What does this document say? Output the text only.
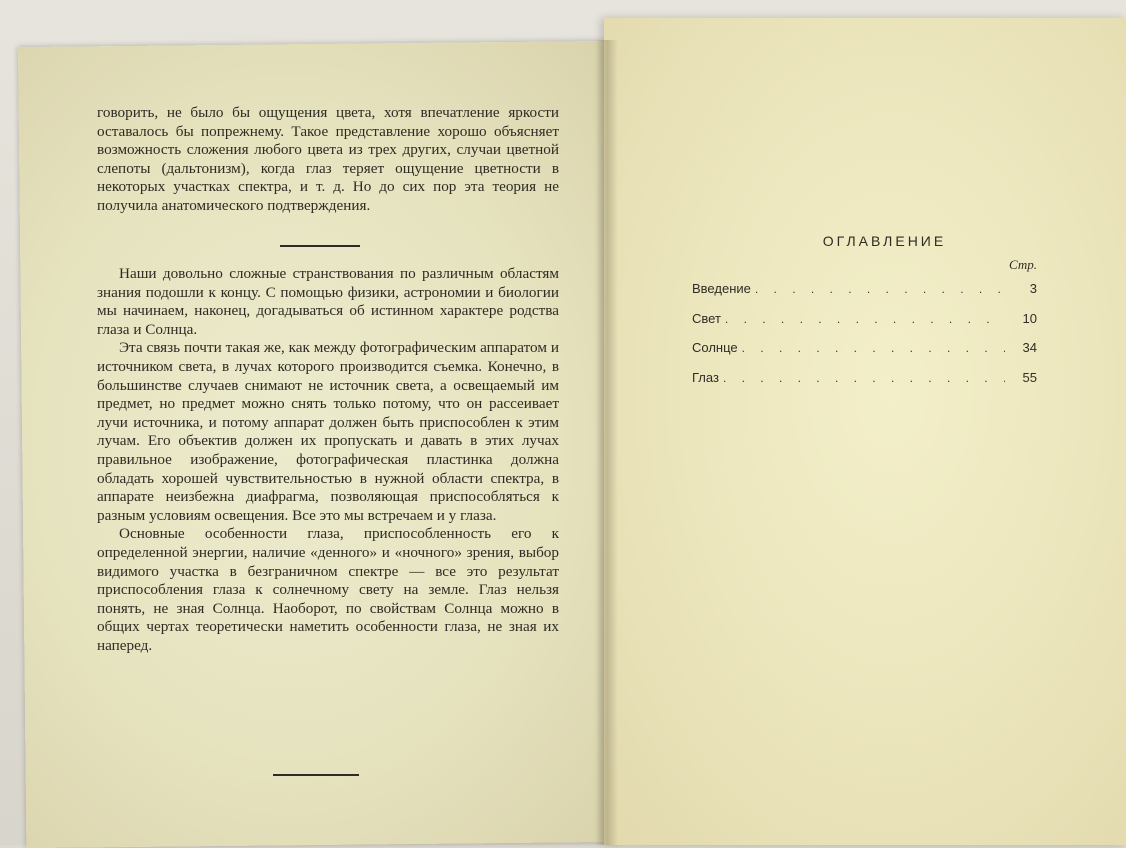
говорить, не было бы ощущения цвета, хотя впечатление яркости оставалось бы попрежнему. Такое представление хорошо объясняет возможность сложения любого цвета из трех других, случаи цветной слепоты (дальтонизм), когда глаз теряет ощущение цветности в некоторых участках спектра, и т. д. Но до сих пор эта теория не получила анатомического подтверждения.

Наши довольно сложные странствования по различным областям знания подошли к концу. С помощью физики, астрономии и биологии мы начинаем, наконец, догадываться об истинном характере родства глаза и Солнца.

Эта связь почти такая же, как между фотографическим аппаратом и источником света, в лучах которого производится съемка. Конечно, в большинстве случаев снимают не источник света, а освещаемый им предмет, но предмет можно снять только потому, что он рассеивает лучи источника, и потому аппарат должен быть приспособлен к этим лучам. Его объектив должен их пропускать и давать в этих лучах правильное изображение, фотографическая пластинка должна обладать хорошей чувствительностью в нужной области спектра, в аппарате неизбежна диафрагма, позволяющая приспособляться к разным условиям освещения. Все это мы встречаем и у глаза.

Основные особенности глаза, приспособленность его к определенной энергии, наличие «денного» и «ночного» зрения, выбор видимого участка в безграничном спектре — все это результат приспособления глаза к солнечному свету на земле. Глаз нельзя понять, не зная Солнца. Наоборот, по свойствам Солнца можно в общих чертах теоретически наметить особенности глаза, не зная их наперед.

ОГЛАВЛЕНИЕ
Стр.
Введение . . .	3
Свет . . .	10
Солнце . . .	34
Глаз . . .	55
